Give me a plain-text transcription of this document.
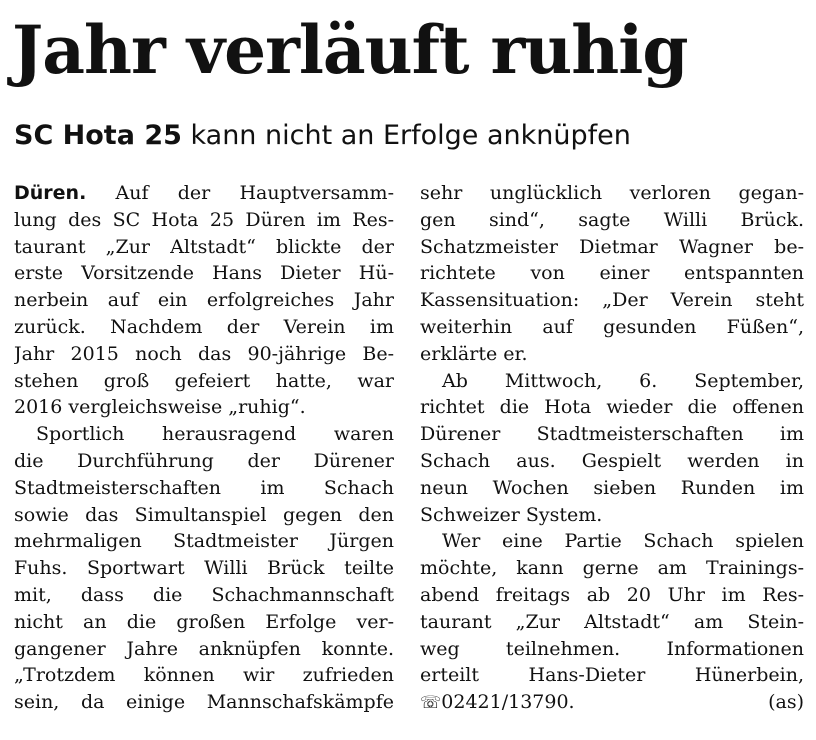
Jahr verläuft ruhig
SC Hota 25 kann nicht an Erfolge anknüpfen
Düren. Auf der Hauptversamm-
lung des SC Hota 25 Düren im Res-
taurant „Zur Altstadt“ blickte der
erste Vorsitzende Hans Dieter Hü-
nerbein auf ein erfolgreiches Jahr
zurück. Nachdem der Verein im
Jahr 2015 noch das 90-jährige Be-
stehen groß gefeiert hatte, war
2016 vergleichsweise „ruhig“.
Sportlich herausragend waren
die Durchführung der Dürener
Stadtmeisterschaften im Schach
sowie das Simultanspiel gegen den
mehrmaligen Stadtmeister Jürgen
Fuhs. Sportwart Willi Brück teilte
mit, dass die Schachmannschaft
nicht an die großen Erfolge ver-
gangener Jahre anknüpfen konnte.
„Trotzdem können wir zufrieden
sein, da einige Mannschafskämpfe
sehr unglücklich verloren gegan-
gen sind“, sagte Willi Brück.
Schatzmeister Dietmar Wagner be-
richtete von einer entspannten
Kassensituation: „Der Verein steht
weiterhin auf gesunden Füßen“,
erklärte er.
Ab Mittwoch, 6. September,
richtet die Hota wieder die offenen
Dürener Stadtmeisterschaften im
Schach aus. Gespielt werden in
neun Wochen sieben Runden im
Schweizer System.
Wer eine Partie Schach spielen
möchte, kann gerne am Trainings-
abend freitags ab 20 Uhr im Res-
taurant „Zur Altstadt“ am Stein-
weg teilnehmen. Informationen
erteilt Hans-Dieter Hünerbein,
☏02421/13790.	(as)
